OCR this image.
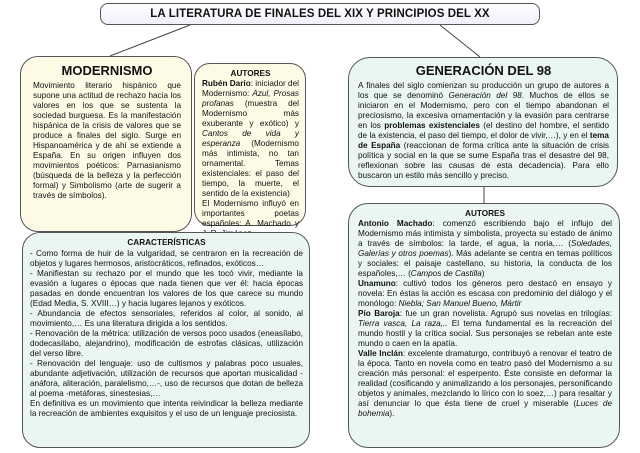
LA LITERATURA DE FINALES DEL XIX Y PRINCIPIOS DEL XX
MODERNISMO

Movimiento literario hispánico que supone una actitud de rechazo hacia los valores en los que se sustenta la sociedad burguesa. Es la manifestación hispánica de la crisis de valores que se produce a finales del siglo. Surge en Hispanoamérica y de ahí se extiende a España. En su origen influyen dos movimientos poéticos: Parnasianismo (búsqueda de la belleza y la perfección formal) y Simbolismo (arte de sugerir a través de símbolos).

AUTORES

Rubén Darío: iniciador del Modernismo: Azul, Prosas profanas (muestra del Modernismo más exuberante y exótico) y Cantos de vida y esperanza (Modernismo más intimista, no tan ornamental. Temas existenciales: el paso del tiempo, la muerte, el sentido de la existencia)

El Modernismo influyó en importantes poetas españoles: A. Machado y

CARACTERÍSTICAS

- Como forma de huir de la vulgaridad, se centraron en la recreación de objetos y lugares hermosos, aristocráticos, refinados, exóticos…

- Manifiestan su rechazo por el mundo que les tocó vivir, mediante la evasión a lugares o épocas que nada tienen que ver él: hacia épocas pasadas en donde encuentran los valores de los que carece su mundo (Edad Media, S. XVIII…) y hacia lugares lejanos y exóticos.

- Abundancia de efectos sensoriales, referidos al color, al sonido, al movimiento,… Es una literatura dirigida a los sentidos.

- Renovación de la métrica: utilización de versos poco usados (eneasílabo, dodecasílabo, alejandrino), modificación de estrofas clásicas, utilización del verso libre.

- Renovación del lenguaje: uso de cultismos y palabras poco usuales, abundante adjetivación, utilización de recursos que aportan musicalidad - anáfora, aliteración, paralelismo,…-, uso de recursos que dotan de belleza al poema -metáforas, sinestesias,…

En definitiva es un movimiento que intenta reivindicar la belleza mediante la recreación de ambientes exquisitos y el uso de un lenguaje preciosista.

GENERACIÓN DEL 98

A finales del siglo comienzan su producción un grupo de autores a los que se denominó Generación del 98. Muchos de ellos se iniciaron en el Modernismo, pero con el tiempo abandonan el preciosismo, la excesiva ornamentación y la evasión para centrarse en los problemas existenciales (el destino del hombre, el sentido de la existencia, el paso del tiempo, el dolor de vivir,…), y en el tema de España (reaccionan de forma crítica ante la situación de crisis política y social en la que se sume España tras el desastre del 98, reflexionan sobre las causas de esta decadencia). Para ello buscaron un estilo más sencillo y preciso.

AUTORES

Antonio Machado: comenzó escribiendo bajo el influjo del Modernismo más intimista y simbolista, proyecta su estado de ánimo a través de símbolos: la tarde, el agua, la noria,… (Soledades, Galerías y otros poemas). Más adelante se centra en temas políticos y sociales: el paisaje castellano, su historia, la conducta de los españoles,… (Campos de Castilla)

Unamuno: cultivó todos los géneros pero destacó en ensayo y novela: En éstas la acción es escasa con predominio del diálogo y el monólogo: Niebla; San Manuel Bueno, Mártir

Pío Baroja: fue un gran novelista. Agrupó sus novelas en trilogías: Tierra vasca, La raza,.. El tema fundamental es la recreación del mundo hostil y la crítica social. Sus personajes se rebelan ante este mundo o caen en la apatía.

Valle Inclán: excelente dramaturgo, contribuyó a renovar el teatro de la época. Tanto en novela como en teatro pasó del Modernismo a su creación más personal: el esperpento. Éste consiste en deformar la realidad (cosificando y animalizando a los personajes, personificando objetos y animales, mezclando lo lírico con lo soez,…) para resaltar y así denunciar lo que ésta tiene de cruel y miserable (Luces de bohemia).
